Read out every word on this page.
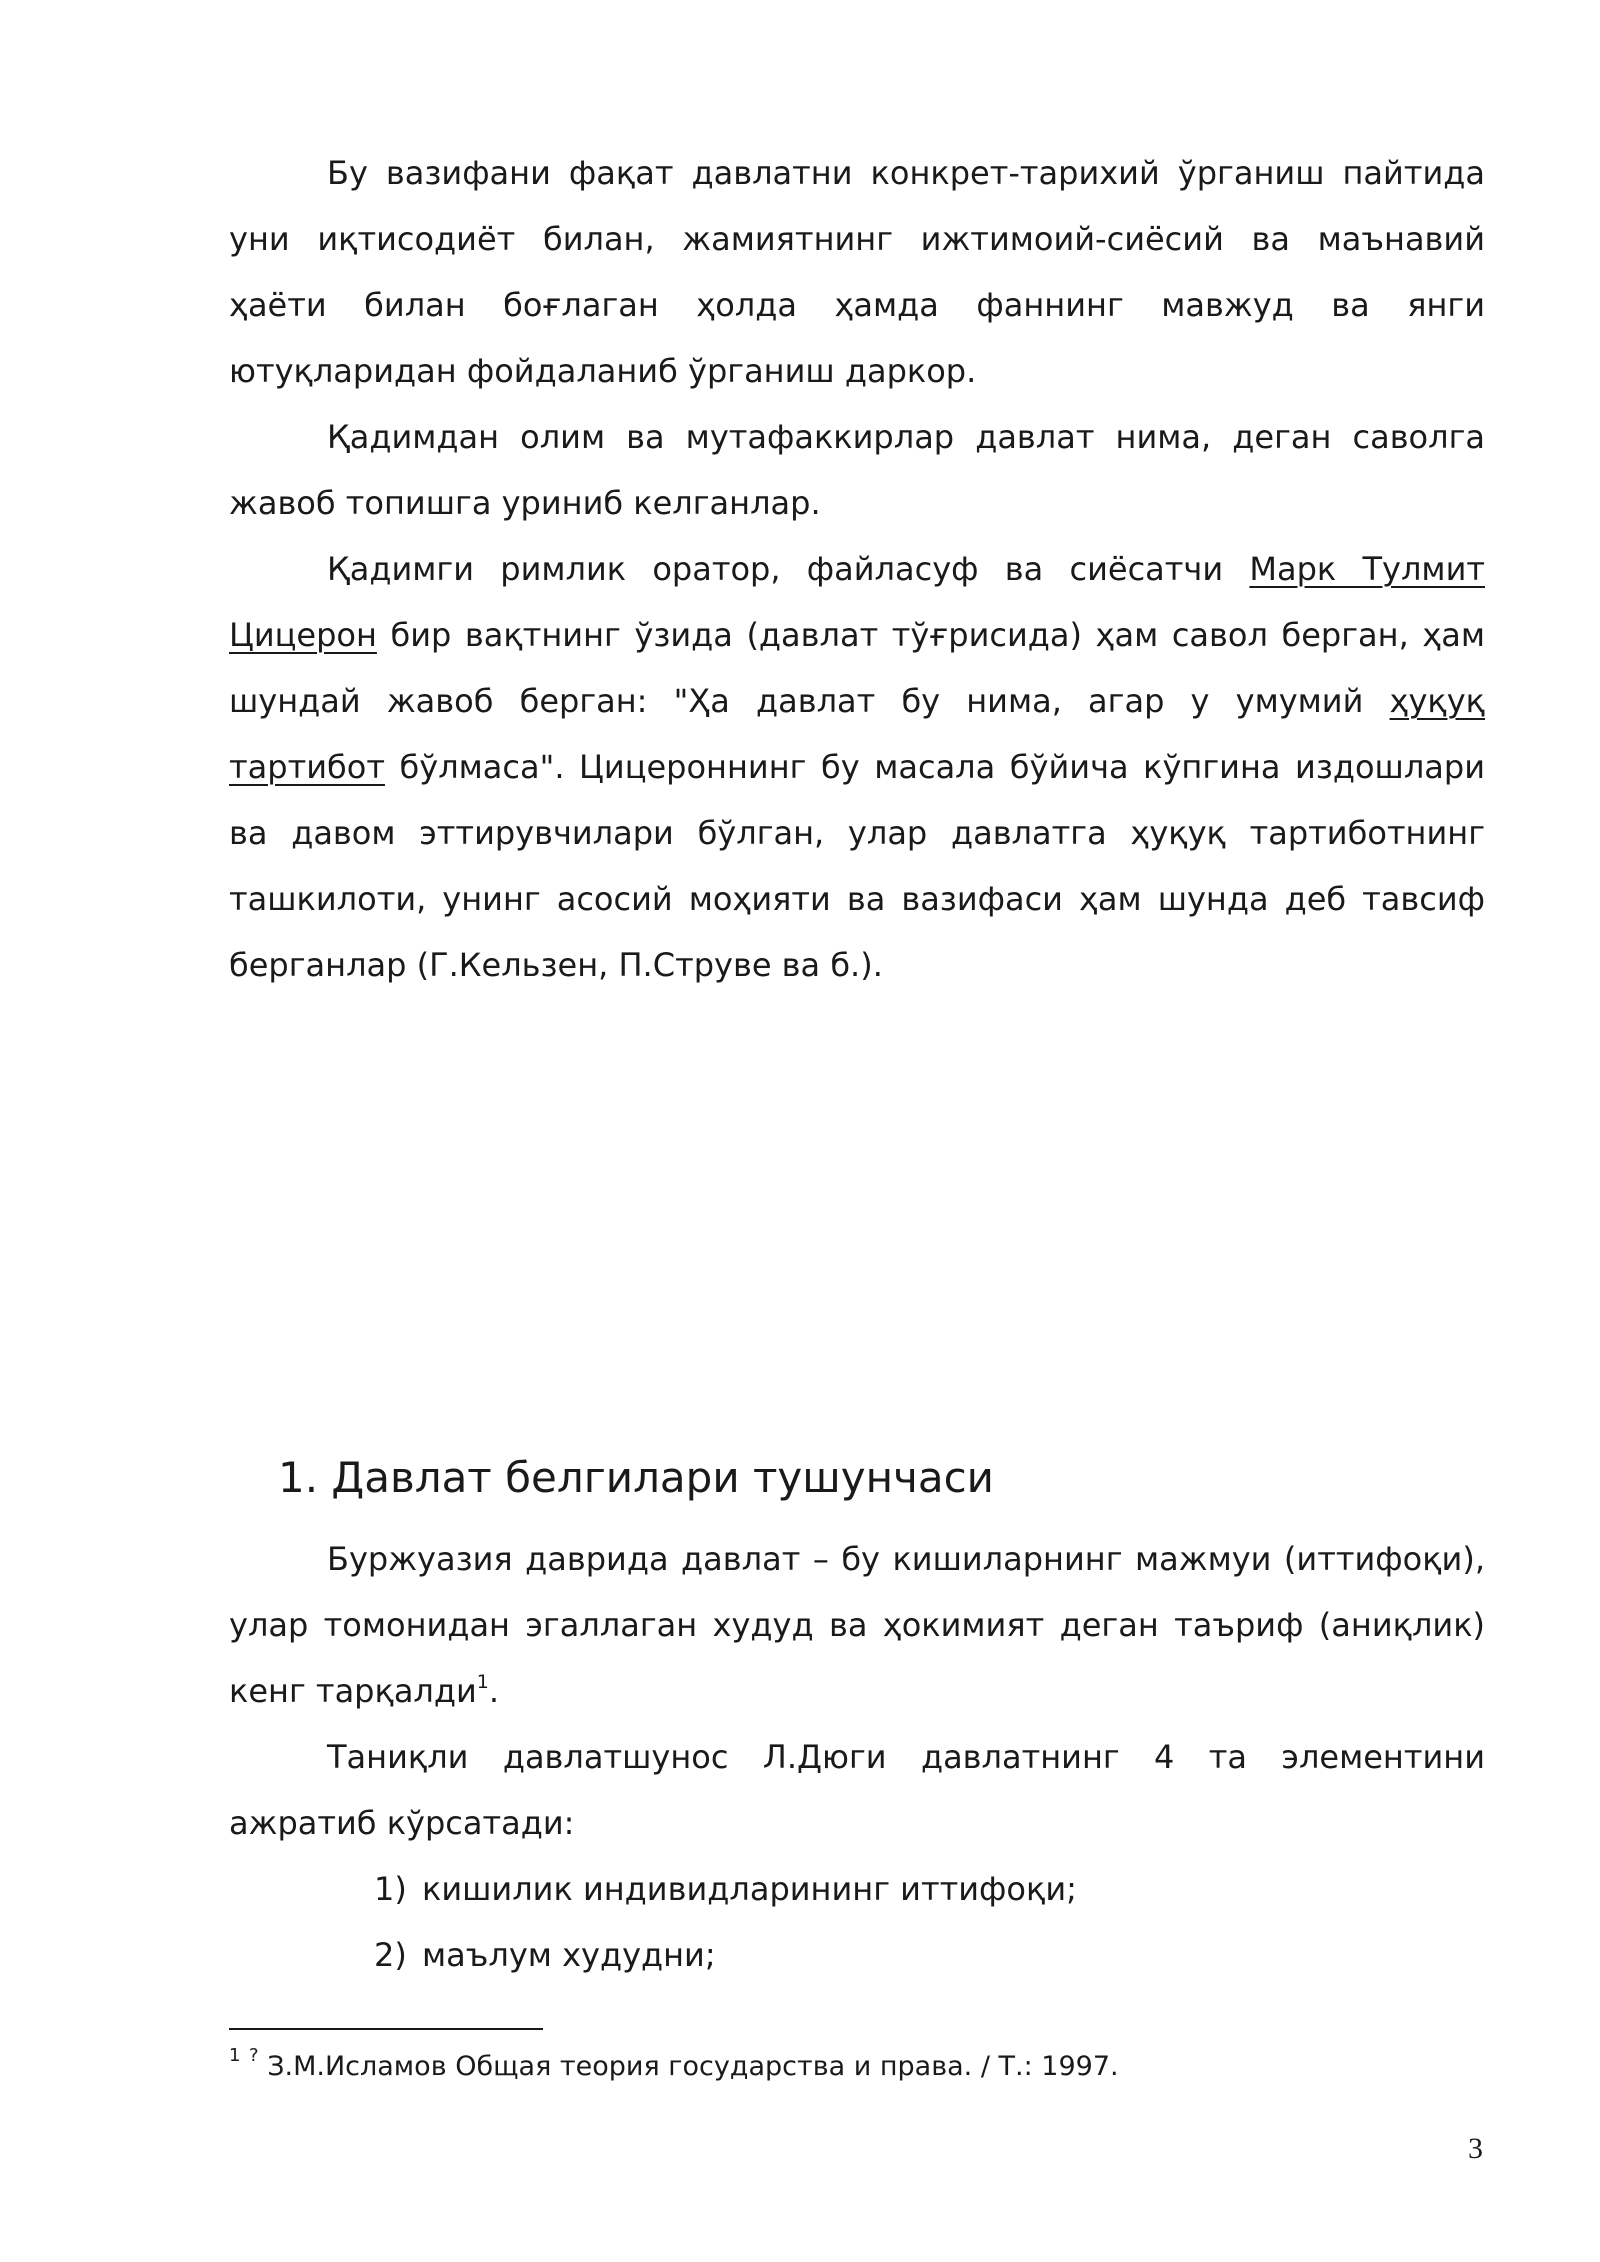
Бу вазифани фақат давлатни конкрет-тарихий ўрганиш пайтида уни иқтисодиёт билан, жамиятнинг ижтимоий-сиёсий ва маънавий ҳаёти билан боғлаган ҳолда ҳамда фаннинг мавжуд ва янги ютуқларидан фойдаланиб ўрганиш даркор.

Қадимдан олим ва мутафаккирлар давлат нима, деган саволга жавоб топишга уриниб келганлар.

Қадимги римлик оратор, файласуф ва сиёсатчи Марк Тулмит Цицерон бир вақтнинг ўзида (давлат тўғрисида) ҳам савол берган, ҳам шундай жавоб берган: "Ҳа давлат бу нима, агар у умумий ҳуқуқ тартибот бўлмаса". Цицероннинг бу масала бўйича кўпгина издошлари ва давом эттирувчилари бўлган, улар давлатга ҳуқуқ тартиботнинг ташкилоти, унинг асосий моҳияти ва вазифаси ҳам шунда деб тавсиф берганлар (Г.Кельзен, П.Струве ва б.).

1. Давлат белгилари тушунчаси

Буржуазия даврида давлат – бу кишиларнинг мажмуи (иттифоқи), улар томонидан эгаллаган худуд ва ҳокимият деган таъриф (аниқлик) кенг тарқалди$^1$.

Таниқли давлатшунос Л.Дюги давлатнинг 4 та элементини ажратиб кўрсатади:

1) кишилик индивидларининг иттифоқи;
2) маълум худудни;
$^1$ ? З.М.Исламов Общая теория государства и права. / Т.: 1997.
3
